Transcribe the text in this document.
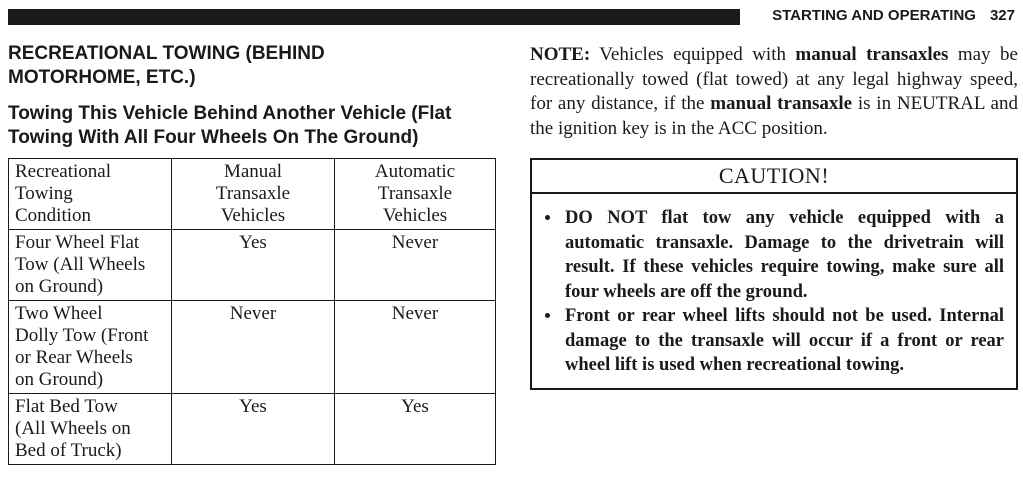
STARTING AND OPERATING 327
RECREATIONAL TOWING (BEHIND
MOTORHOME, ETC.)
Towing This Vehicle Behind Another Vehicle (Flat
Towing With All Four Wheels On The Ground)
Recreational
Towing
Condition	Manual
Transaxle
Vehicles	Automatic
Transaxle
Vehicles
Four Wheel Flat
Tow (All Wheels
on Ground)	Yes	Never
Two Wheel
Dolly Tow (Front
or Rear Wheels
on Ground)	Never	Never
Flat Bed Tow
(All Wheels on
Bed of Truck)	Yes	Yes

NOTE: Vehicles equipped with manual transaxles may be recreationally towed (flat towed) at any legal highway speed, for any distance, if the manual transaxle is in NEUTRAL and the ignition key is in the ACC position.

CAUTION!
• DO NOT flat tow any vehicle equipped with a automatic transaxle. Damage to the drivetrain will result. If these vehicles require towing, make sure all four wheels are off the ground.
• Front or rear wheel lifts should not be used. Internal damage to the transaxle will occur if a front or rear wheel lift is used when recreational towing.
